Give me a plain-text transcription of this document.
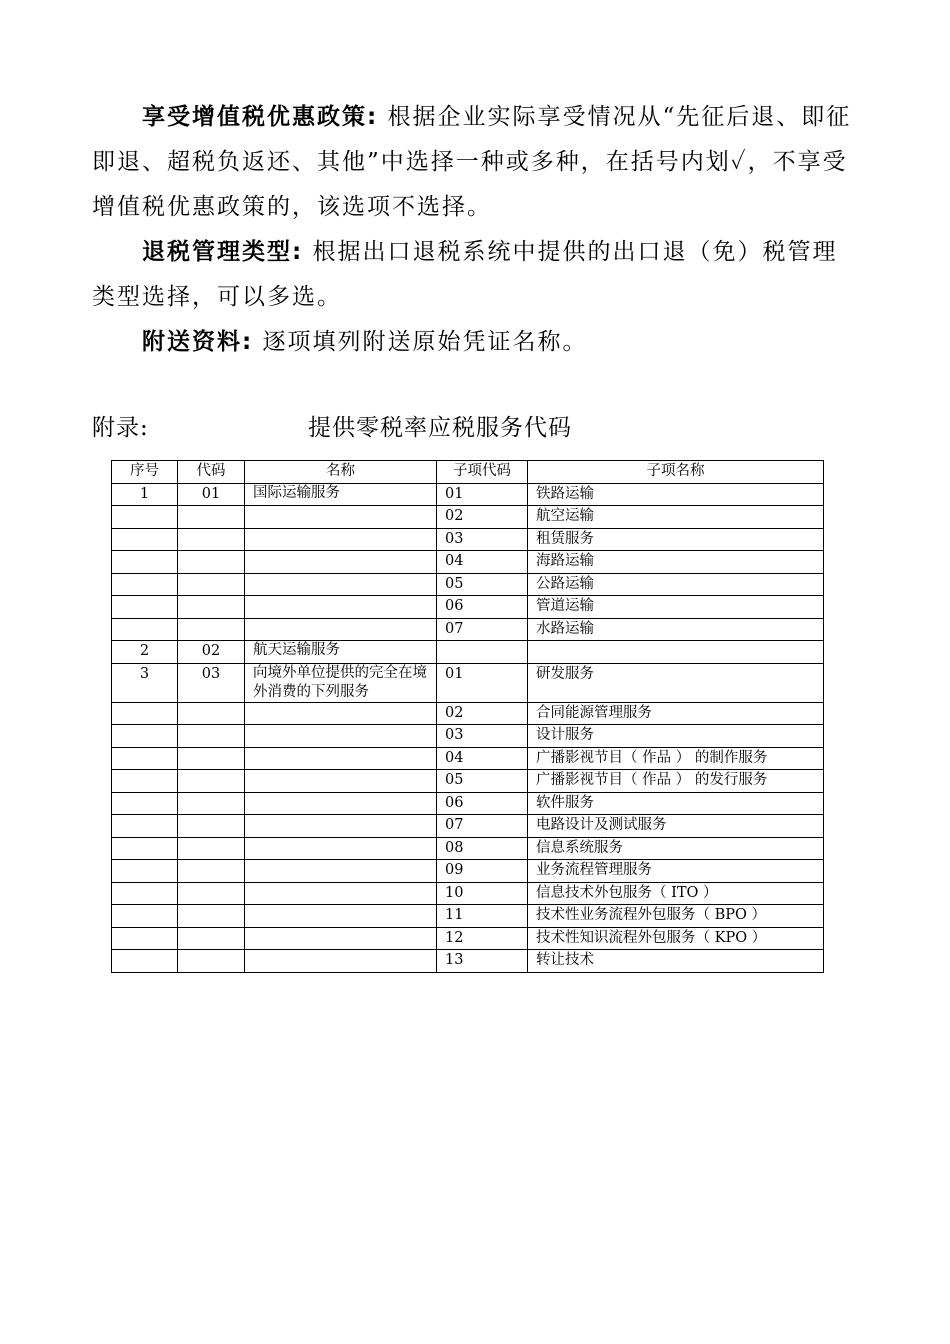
享受增值税优惠政策: 根据企业实际享受情况从“先征后退、即征即退、超税负返还、其他”中选择一种或多种，在括号内划✓，不享受增值税优惠政策的，该选项不选择。

退税管理类型: 根据出口退税系统中提供的出口退（免）税管理类型选择，可以多选。

附送资料: 逐项填列附送原始凭证名称。

附录:	提供零税率应税服务代码
序号	代码	名称	子项代码	子项名称
1	01	国际运输服务	01	铁路运输
			02	航空运输
			03	租赁服务
			04	海路运输
			05	公路运输
			06	管道运输
			07	水路运输
2	02	航天运输服务		
3	03	向境外单位提供的完全在境外消费的下列服务	01	研发服务
			02	合同能源管理服务
			03	设计服务
			04	广播影视节目（ 作品 ） 的制作服务
			05	广播影视节目（ 作品 ） 的发行服务
			06	软件服务
			07	电路设计及测试服务
			08	信息系统服务
			09	业务流程管理服务
			10	信息技术外包服务（ ITO ）
			11	技术性业务流程外包服务（ BPO ）
			12	技术性知识流程外包服务（ KPO ）
			13	转让技术
